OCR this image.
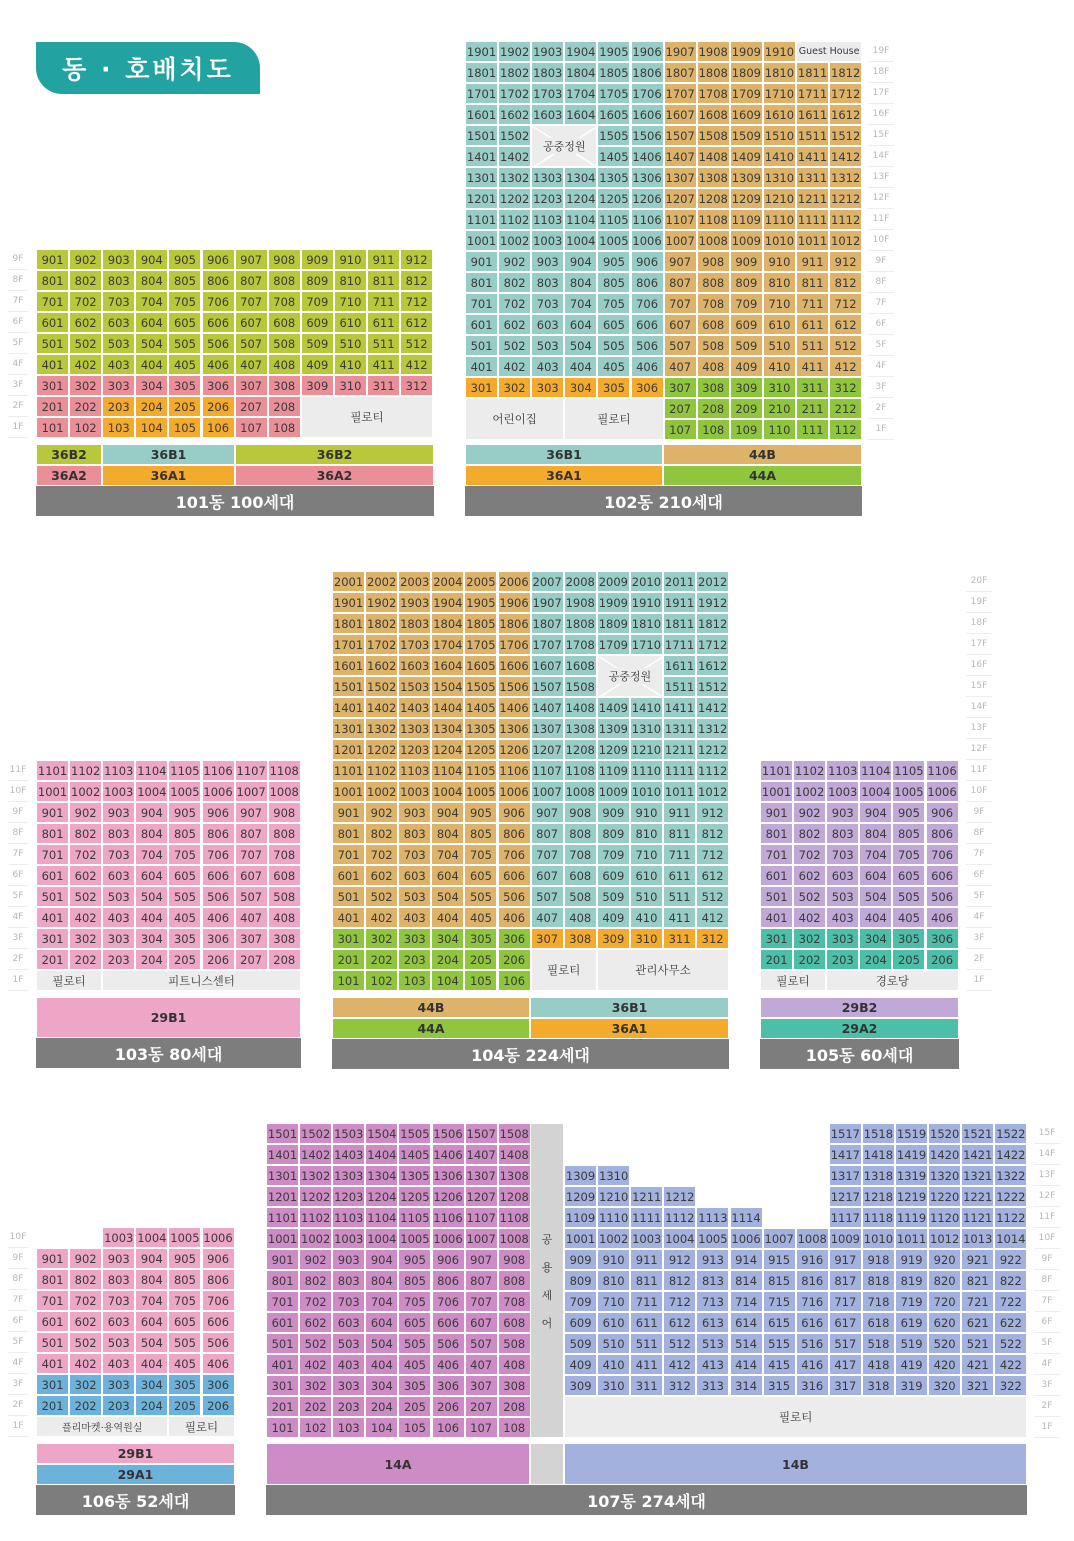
동 · 호배치도
9F
8F
7F
6F
5F
4F
3F
2F
1F
901 902 903 904 905 906 907 908 909 910 911 912
801 802 803 804 805 806 807 808 809 810 811 812
701 702 703 704 705 706 707 708 709 710 711 712
601 602 603 604 605 606 607 608 609 610 611 612
501 502 503 504 505 506 507 508 509 510 511 512
401 402 403 404 405 406 407 408 409 410 411 412
301 302 303 304 305 306 307 308 309 310 311 312
201 202 203 204 205 206 207 208
101 102 103 104 105 106 107 108
필로티
36B2	36B1	36B2
36A2	36A1	36A2
101동 100세대
19F
18F
17F
16F
15F
14F
13F
12F
11F
10F
9F
8F
7F
6F
5F
4F
3F
2F
1F
1901 1902 1903 1904 1905 1906 1907 1908 1909 1910
1801 1802 1803 1804 1805 1806 1807 1808 1809 1810 1811 1812
1701 1702 1703 1704 1705 1706 1707 1708 1709 1710 1711 1712
1601 1602 1603 1604 1605 1606 1607 1608 1609 1610 1611 1612
1501 1502	1505 1506 1507 1508 1509 1510 1511 1512
1401 1402	1405 1406 1407 1408 1409 1410 1411 1412
1301 1302 1303 1304 1305 1306 1307 1308 1309 1310 1311 1312
1201 1202 1203 1204 1205 1206 1207 1208 1209 1210 1211 1212
1101 1102 1103 1104 1105 1106 1107 1108 1109 1110 1111 1112
1001 1002 1003 1004 1005 1006 1007 1008 1009 1010 1011 1012
901 902 903 904 905 906 907 908 909 910 911 912
801 802 803 804 805 806 807 808 809 810 811 812
701 702 703 704 705 706 707 708 709 710 711 712
601 602 603 604 605 606 607 608 609 610 611 612
501 502 503 504 505 506 507 508 509 510 511 512
401 402 403 404 405 406 407 408 409 410 411 412
301 302 303 304 305 306 307 308 309 310 311 312
207 208 209 210 211 212
107 108 109 110 111 112
Guest House
공중정원
어린이집	필로티
36B1	44B
36A1	44A
102동 210세대
11F
10F
9F
8F
7F
6F
5F
4F
3F
2F
1F
1101 1102 1103 1104 1105 1106 1107 1108
1001 1002 1003 1004 1005 1006 1007 1008
901 902 903 904 905 906 907 908
801 802 803 804 805 806 807 808
701 702 703 704 705 706 707 708
601 602 603 604 605 606 607 608
501 502 503 504 505 506 507 508
401 402 403 404 405 406 407 408
301 302 303 304 305 306 307 308
201 202 203 204 205 206 207 208
필로티	피트니스센터
29B1
103동 80세대
2001 2002 2003 2004 2005 2006 2007 2008 2009 2010 2011 2012
1901 1902 1903 1904 1905 1906 1907 1908 1909 1910 1911 1912
1801 1802 1803 1804 1805 1806 1807 1808 1809 1810 1811 1812
1701 1702 1703 1704 1705 1706 1707 1708 1709 1710 1711 1712
1601 1602 1603 1604 1605 1606 1607 1608	1611 1612
1501 1502 1503 1504 1505 1506 1507 1508	1511 1512
1401 1402 1403 1404 1405 1406 1407 1408 1409 1410 1411 1412
1301 1302 1303 1304 1305 1306 1307 1308 1309 1310 1311 1312
1201 1202 1203 1204 1205 1206 1207 1208 1209 1210 1211 1212
1101 1102 1103 1104 1105 1106 1107 1108 1109 1110 1111 1112
1001 1002 1003 1004 1005 1006 1007 1008 1009 1010 1011 1012
901 902 903 904 905 906 907 908 909 910 911 912
801 802 803 804 805 806 807 808 809 810 811 812
701 702 703 704 705 706 707 708 709 710 711 712
601 602 603 604 605 606 607 608 609 610 611 612
501 502 503 504 505 506 507 508 509 510 511 512
401 402 403 404 405 406 407 408 409 410 411 412
301 302 303 304 305 306 307 308 309 310 311 312
201 202 203 204 205 206
101 102 103 104 105 106
공중정원
필로티	관리사무소
44B	36B1
44A	36A1
104동 224세대
20F
19F
18F
17F
16F
15F
14F
13F
12F
11F
10F
9F
8F
7F
6F
5F
4F
3F
2F
1F
1101 1102 1103 1104 1105 1106
1001 1002 1003 1004 1005 1006
901 902 903 904 905 906
801 802 803 804 805 806
701 702 703 704 705 706
601 602 603 604 605 606
501 502 503 504 505 506
401 402 403 404 405 406
301 302 303 304 305 306
201 202 203 204 205 206
필로티	경로당
29B2
29A2
105동 60세대
10F
9F
8F
7F
6F
5F
4F
3F
2F
1F
1003 1004 1005 1006
901 902 903 904 905 906
801 802 803 804 805 806
701 702 703 704 705 706
601 602 603 604 605 606
501 502 503 504 505 506
401 402 403 404 405 406
301 302 303 304 305 306
201 202 203 204 205 206
플리마켓·용역원실	필로티
29B1
29A1
106동 52세대
15F
14F
13F
12F
11F
10F
9F
8F
7F
6F
5F
4F
3F
2F
1F
1501 1502 1503 1504 1505 1506 1507 1508
1401 1402 1403 1404 1405 1406 1407 1408
1301 1302 1303 1304 1305 1306 1307 1308
1201 1202 1203 1204 1205 1206 1207 1208
1101 1102 1103 1104 1105 1106 1107 1108
1001 1002 1003 1004 1005 1006 1007 1008
901 902 903 904 905 906 907 908
801 802 803 804 805 806 807 808
701 702 703 704 705 706 707 708
601 602 603 604 605 606 607 608
501 502 503 504 505 506 507 508
401 402 403 404 405 406 407 408
301 302 303 304 305 306 307 308
201 202 203 204 205 206 207 208
101 102 103 104 105 106 107 108
공
용
세
어
1517 1518 1519 1520 1521 1522
1417 1418 1419 1420 1421 1422
1309 1310	1317 1318 1319 1320 1321 1322
1209 1210 1211 1212	1217 1218 1219 1220 1221 1222
1109 1110 1111 1112 1113 1114	1117 1118 1119 1120 1121 1122
1001 1002 1003 1004 1005 1006 1007 1008 1009 1010 1011 1012 1013 1014
909 910 911 912 913 914 915 916 917 918 919 920 921 922
809 810 811 812 813 814 815 816 817 818 819 820 821 822
709 710 711 712 713 714 715 716 717 718 719 720 721 722
609 610 611 612 613 614 615 616 617 618 619 620 621 622
509 510 511 512 513 514 515 516 517 518 519 520 521 522
409 410 411 412 413 414 415 416 417 418 419 420 421 422
309 310 311 312 313 314 315 316 317 318 319 320 321 322
필로티
14A	14B
107동 274세대
